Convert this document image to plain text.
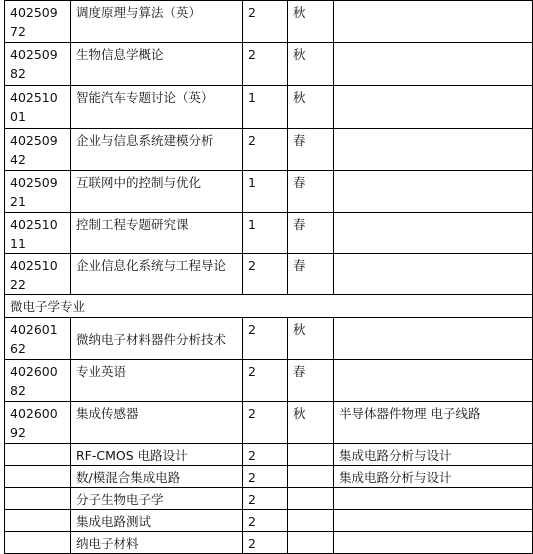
40250972	调度原理与算法（英）	2	秋	
40250982	生物信息学概论	2	秋	
40251001	智能汽车专题讨论（英）	1	秋	
40250942	企业与信息系统建模分析	2	春	
40250921	互联网中的控制与优化	1	春	
40251011	控制工程专题研究课	1	春	
40251022	企业信息化系统与工程导论	2	春	
微电子学专业				
40260162	微纳电子材料器件分析技术	2	秋	
40260082	专业英语	2	春	
40260092	集成传感器	2	秋	半导体器件物理 电子线路
	RF-CMOS 电路设计	2		集成电路分析与设计
	数/模混合集成电路	2		集成电路分析与设计
	分子生物电子学	2		
	集成电路测试	2		
	纳电子材料	2		
